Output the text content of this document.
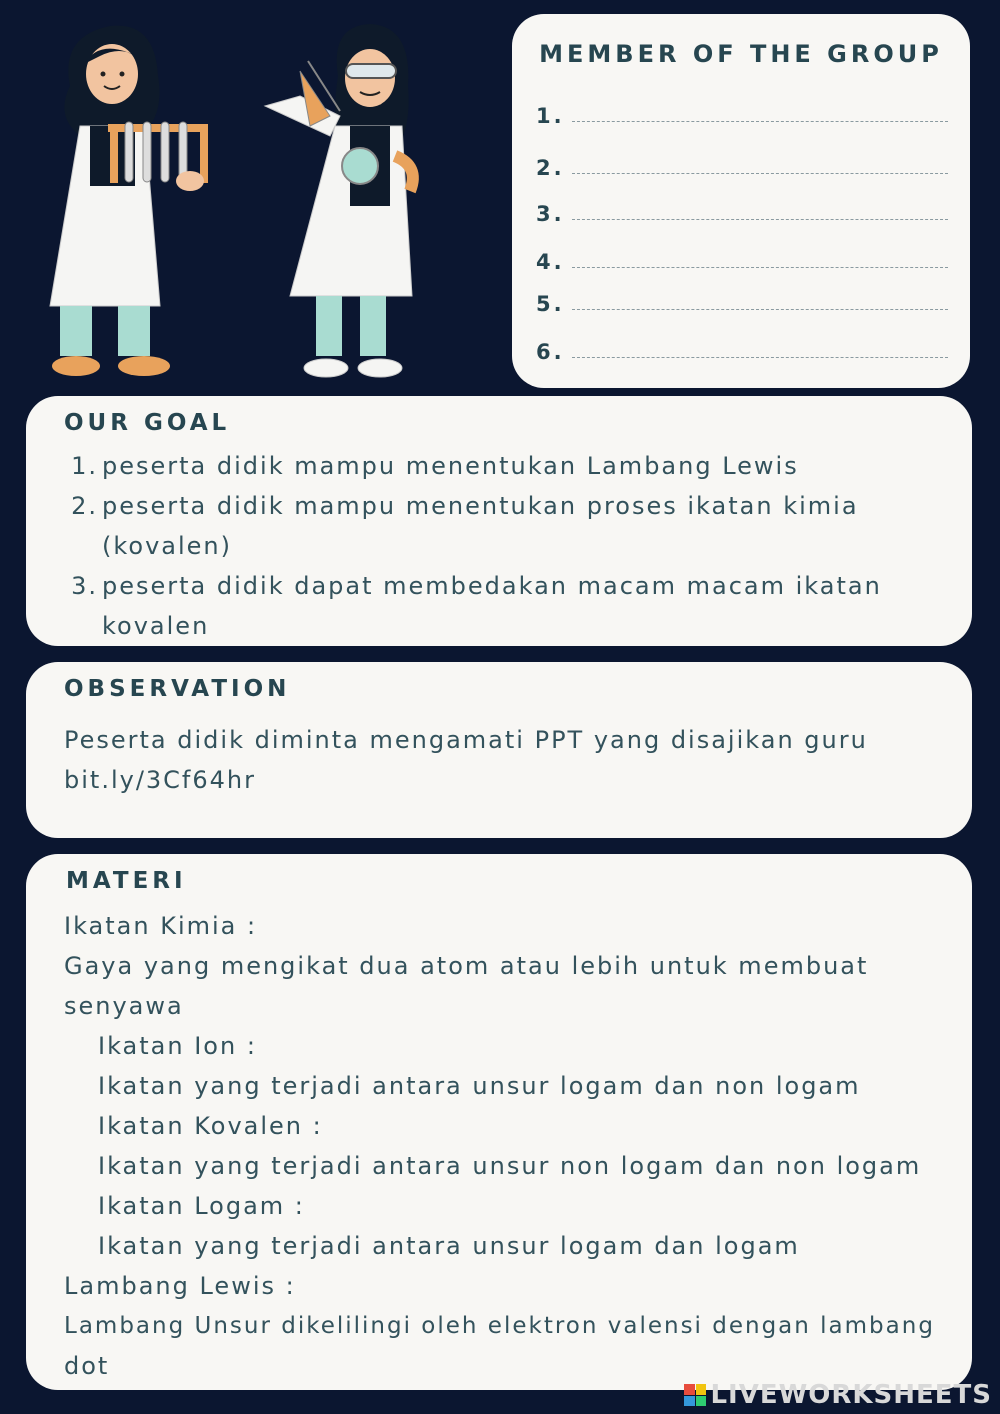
MEMBER OF THE GROUP
1.
2.
3.
4.
5.
6.
OUR GOAL
1. peserta didik mampu menentukan Lambang Lewis
2. peserta didik mampu menentukan proses ikatan kimia (kovalen)
3. peserta didik dapat membedakan macam macam ikatan kovalen
OBSERVATION
Peserta didik diminta mengamati PPT yang disajikan guru
bit.ly/3Cf64hr
MATERI
Ikatan Kimia :
Gaya yang mengikat dua atom atau lebih untuk membuat
senyawa
Ikatan Ion :
Ikatan yang terjadi antara unsur logam dan non logam
Ikatan Kovalen :
Ikatan yang terjadi antara unsur non logam dan non logam
Ikatan Logam :
Ikatan yang terjadi antara unsur logam dan logam
Lambang Lewis :
Lambang Unsur dikelilingi oleh elektron valensi dengan lambang
dot
LIVEWORKSHEETS
